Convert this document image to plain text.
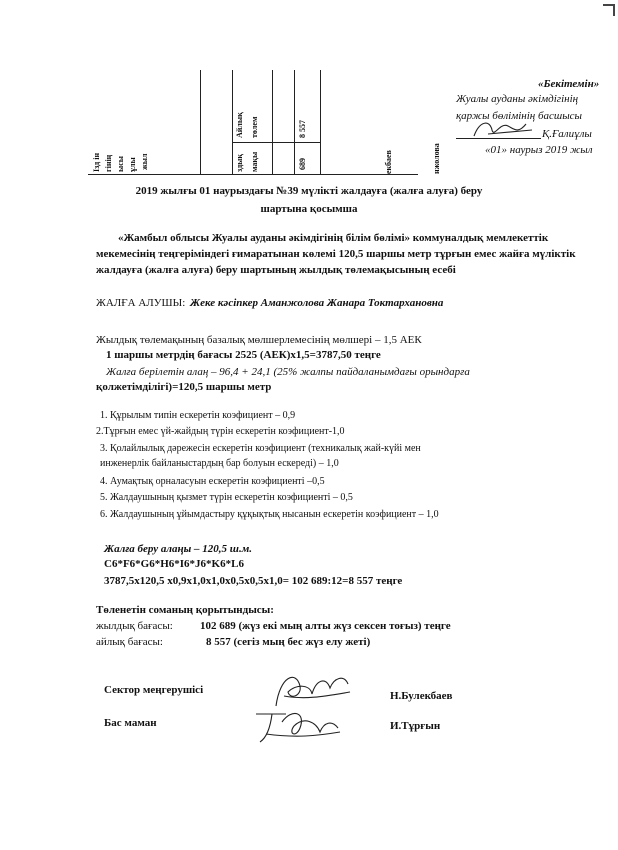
«Бекітемін»
Жуалы ауданы әкімдігінің
қаржы бөлімінің басшысы
Қ.Ғалиұлы
«01» наурыз 2019 жыл
Ізд ін гінің ысы ұлы жыл
Айлық төлем	8 557
здық мақы	689	екбаев	нжолова
2019 жылғы 01 наурыздағы №39 мүлікті жалдауға (жалға алуға) беру
шартына қосымша
«Жамбыл облысы Жуалы ауданы әкімдігінің білім бөлімі» коммуналдық мемлекеттік
мекемесінің теңгеріміндегі ғимаратынан көлемі 120,5 шаршы метр тұрғын емес жайға мүліктік
жалдауға (жалға алуға) беру шартының жылдық төлемақысының есебі
ЖАЛҒА АЛУШЫ: Жеке кәсіпкер Аманжолова Жанара Токтархановна
Жылдық төлемақының базалық мөлшерлемесінің мөлшері – 1,5 АЕК
1 шаршы метрдің бағасы 2525 (АЕК)х1,5=3787,50 теңге
Жалға берілетін алаң – 96,4 + 24,1 (25% жалпы пайдаланымдағы орындарға
қолжетімділігі)=120,5 шаршы метр
1. Құрылым типін ескеретін коэфициент – 0,9
2.Тұрғын емес үй-жайдың түрін ескеретін коэфициент-1,0
3. Қолайлылық дәрежесін ескеретін коэфициент (техникалық жай-күйі мен
инженерлік байланыстардың бар болуын ескереді) – 1,0
4. Аумақтық орналасуын ескеретін коэфициенті –0,5
5. Жалдаушының қызмет түрін ескеретін коэфициенті – 0,5
6. Жалдаушының ұйымдастыру құқықтық нысанын ескеретін коэфициент – 1,0
Жалға беру алаңы – 120,5 ш.м.
C6*F6*G6*H6*I6*J6*K6*L6
3787,5х120,5 х0,9х1,0х1,0х0,5х0,5х1,0= 102 689:12=8 557 теңге
Төленетін соманың қорытындысы:
жылдық бағасы: 102 689 (жүз екі мың алты жүз сексен тоғыз) теңге
айлық бағасы:	8 557 (сегіз мың бес жүз елу жеті)
Сектор меңгерушісі	Н.Булекбаев
Бас маман	И.Тұрғын
